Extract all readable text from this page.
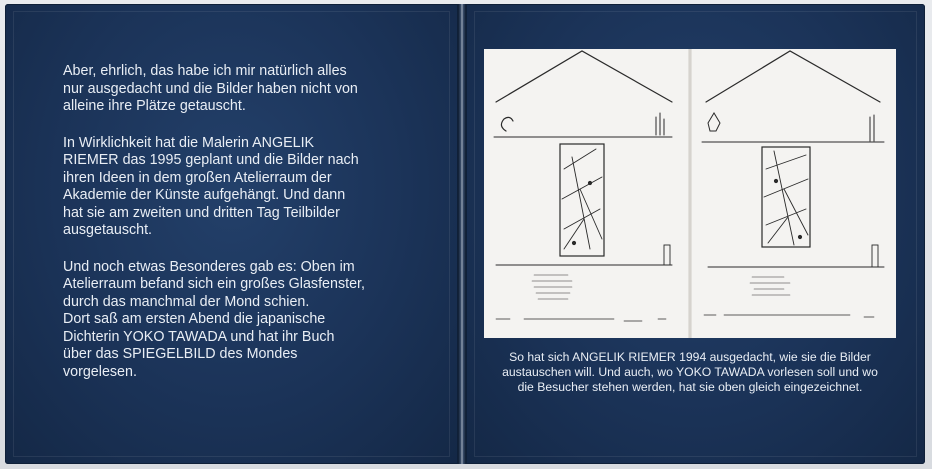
Aber, ehrlich, das habe ich mir natürlich alles
nur ausgedacht und die Bilder haben nicht von
alleine ihre Plätze getauscht.

In Wirklichkeit hat die Malerin ANGELIK
RIEMER das 1995 geplant und die Bilder nach
ihren Ideen in dem großen Atelierraum der
Akademie der Künste aufgehängt. Und dann
hat sie am zweiten und dritten Tag Teilbilder
ausgetauscht.

Und noch etwas Besonderes gab es: Oben im
Atelierraum befand sich ein großes Glasfenster,
durch das manchmal der Mond schien.
Dort saß am ersten Abend die japanische
Dichterin YOKO TAWADA und hat ihr Buch
über das SPIEGELBILD des Mondes
vorgelesen.

So hat sich ANGELIK RIEMER 1994 ausgedacht, wie sie die Bilder
austauschen will. Und auch, wo YOKO TAWADA vorlesen soll und wo
die Besucher stehen werden, hat sie oben gleich eingezeichnet.
